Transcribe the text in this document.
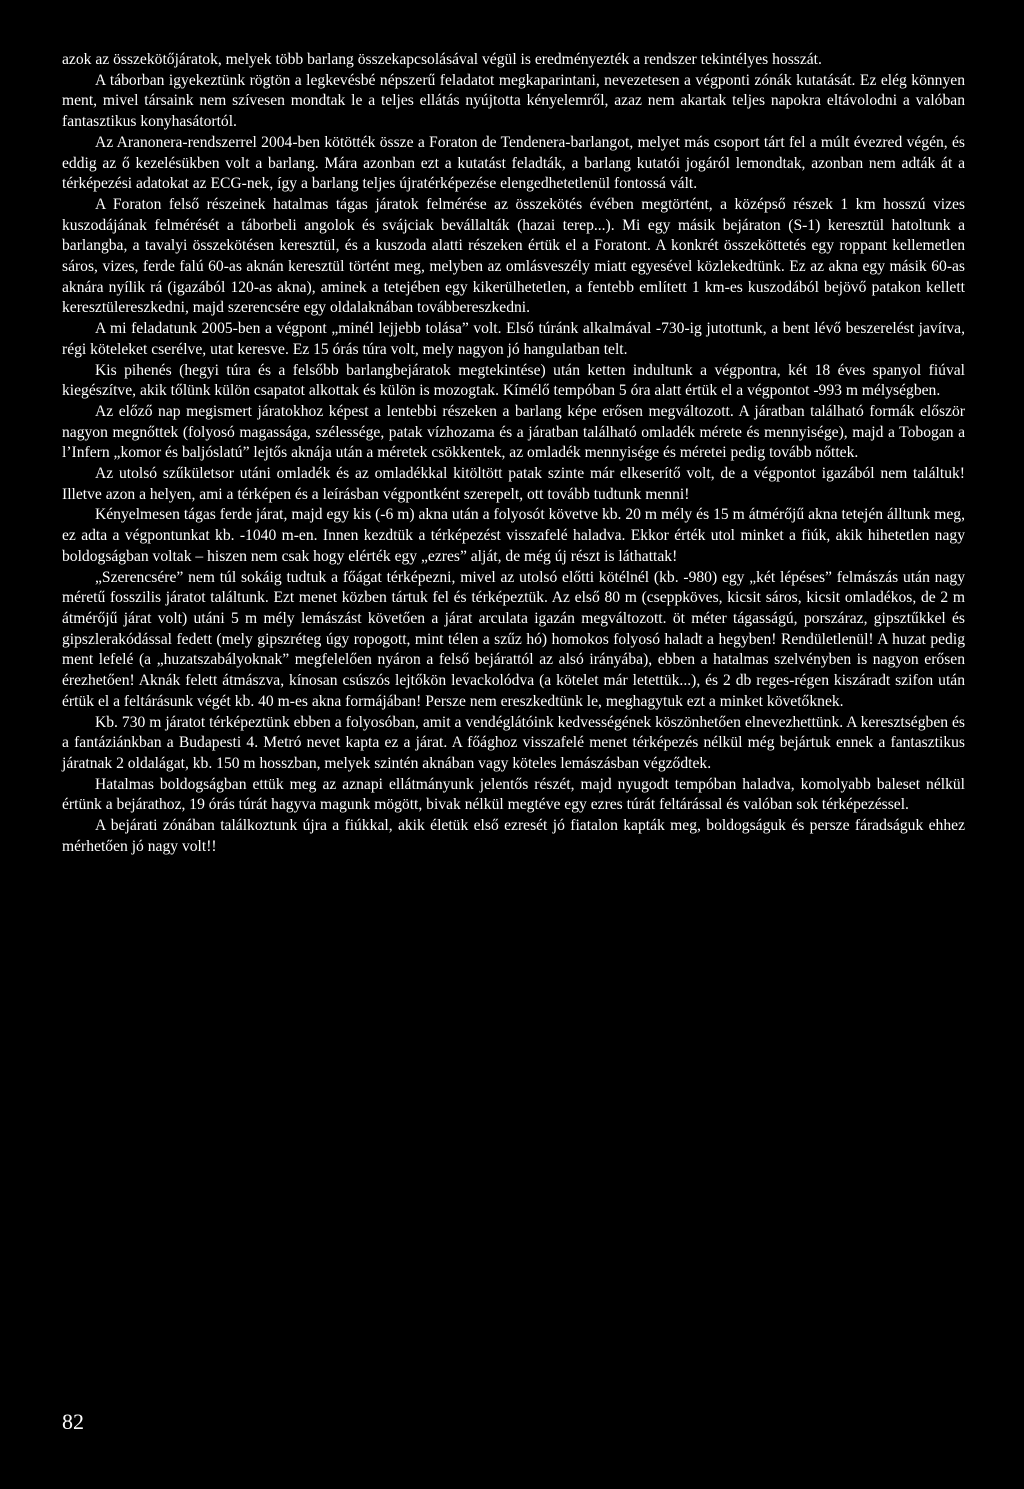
azok az összekötőjáratok, melyek több barlang összekapcsolásával végül is eredményezték a rendszer tekintélyes hosszát.

A táborban igyekeztünk rögtön a legkevésbé népszerű feladatot megkaparintani, nevezetesen a végponti zónák kutatását. Ez elég könnyen ment, mivel társaink nem szívesen mondtak le a teljes ellátás nyújtotta kényelemről, azaz nem akartak teljes napokra eltávolodni a valóban fantasztikus konyhasátortól.

Az Aranonera-rendszerrel 2004-ben kötötték össze a Foraton de Tendenera-barlangot, melyet más csoport tárt fel a múlt évezred végén, és eddig az ő kezelésükben volt a barlang. Mára azonban ezt a kutatást feladták, a barlang kutatói jogáról lemondtak, azonban nem adták át a térképezési adatokat az ECG-nek, így a barlang teljes újratérképezése elengedhetetlenül fontossá vált.

A Foraton felső részeinek hatalmas tágas járatok felmérése az összekötés évében megtörtént, a középső részek 1 km hosszú vizes kuszodájának felmérését a táborbeli angolok és svájciak bevállalták (hazai terep...). Mi egy másik bejáraton (S-1) keresztül hatoltunk a barlangba, a tavalyi összekötésen keresztül, és a kuszoda alatti részeken értük el a Foratont. A konkrét összeköttetés egy roppant kellemetlen sáros, vizes, ferde falú 60-as aknán keresztül történt meg, melyben az omlásveszély miatt egyesével közlekedtünk. Ez az akna egy másik 60-as aknára nyílik rá (igazából 120-as akna), aminek a tetejében egy kikerülhetetlen, a fentebb említett 1 km-es kuszodából bejövő patakon kellett keresztülereszkedni, majd szerencsére egy oldalaknában továbbereszkedni.

A mi feladatunk 2005-ben a végpont „minél lejjebb tolása” volt. Első túránk alkalmával -730-ig jutottunk, a bent lévő beszerelést javítva, régi köteleket cserélve, utat keresve. Ez 15 órás túra volt, mely nagyon jó hangulatban telt.

Kis pihenés (hegyi túra és a felsőbb barlangbejáratok megtekintése) után ketten indultunk a végpontra, két 18 éves spanyol fiúval kiegészítve, akik tőlünk külön csapatot alkottak és külön is mozogtak. Kímélő tempóban 5 óra alatt értük el a végpontot -993 m mélységben.

Az előző nap megismert járatokhoz képest a lentebbi részeken a barlang képe erősen megváltozott. A járatban található formák először nagyon megnőttek (folyosó magassága, szélessége, patak vízhozama és a járatban található omladék mérete és mennyisége), majd a Tobogan a l’Infern „komor és baljóslatú” lejtős aknája után a méretek csökkentek, az omladék mennyisége és méretei pedig tovább nőttek.

Az utolsó szűkületsor utáni omladék és az omladékkal kitöltött patak szinte már elkeserítő volt, de a végpontot igazából nem találtuk! Illetve azon a helyen, ami a térképen és a leírásban végpontként szerepelt, ott tovább tudtunk menni!

Kényelmesen tágas ferde járat, majd egy kis (-6 m) akna után a folyosót követve kb. 20 m mély és 15 m átmérőjű akna tetején álltunk meg, ez adta a végpontunkat kb. -1040 m-en. Innen kezdtük a térképezést visszafelé haladva. Ekkor érték utol minket a fiúk, akik hihetetlen nagy boldogságban voltak – hiszen nem csak hogy elérték egy „ezres” alját, de még új részt is láthattak!

„Szerencsére” nem túl sokáig tudtuk a főágat térképezni, mivel az utolsó előtti kötélnél (kb. -980) egy „két lépéses” felmászás után nagy méretű fosszilis járatot találtunk. Ezt menet közben tártuk fel és térképeztük. Az első 80 m (cseppköves, kicsit sáros, kicsit omladékos, de 2 m átmérőjű járat volt) utáni 5 m mély lemászást követően a járat arculata igazán megváltozott. öt méter tágasságú, porszáraz, gipsztűkkel és gipszlerakódással fedett (mely gipszréteg úgy ropogott, mint télen a szűz hó) homokos folyosó haladt a hegyben! Rendületlenül! A huzat pedig ment lefelé (a „huzatszabályoknak” megfelelően nyáron a felső bejárattól az alsó irányába), ebben a hatalmas szelvényben is nagyon erősen érezhetően! Aknák felett átmászva, kínosan csúszós lejtőkön levackolódva (a kötelet már letettük...), és 2 db reges-régen kiszáradt szifon után értük el a feltárásunk végét kb. 40 m-es akna formájában! Persze nem ereszkedtünk le, meghagytuk ezt a minket követőknek.

Kb. 730 m járatot térképeztünk ebben a folyosóban, amit a vendéglátóink kedvességének köszönhetően elnevezhettünk. A keresztségben és a fantáziánkban a Budapesti 4. Metró nevet kapta ez a járat. A főághoz visszafelé menet térképezés nélkül még bejártuk ennek a fantasztikus járatnak 2 oldalágat, kb. 150 m hosszban, melyek szintén aknában vagy köteles lemászásban végződtek.

Hatalmas boldogságban ettük meg az aznapi ellátmányunk jelentős részét, majd nyugodt tempóban haladva, komolyabb baleset nélkül értünk a bejárathoz, 19 órás túrát hagyva magunk mögött, bivak nélkül megtéve egy ezres túrát feltárással és valóban sok térképezéssel.

A bejárati zónában találkoztunk újra a fiúkkal, akik életük első ezresét jó fiatalon kapták meg, boldogságuk és persze fáradságuk ehhez mérhetően jó nagy volt!!

82
